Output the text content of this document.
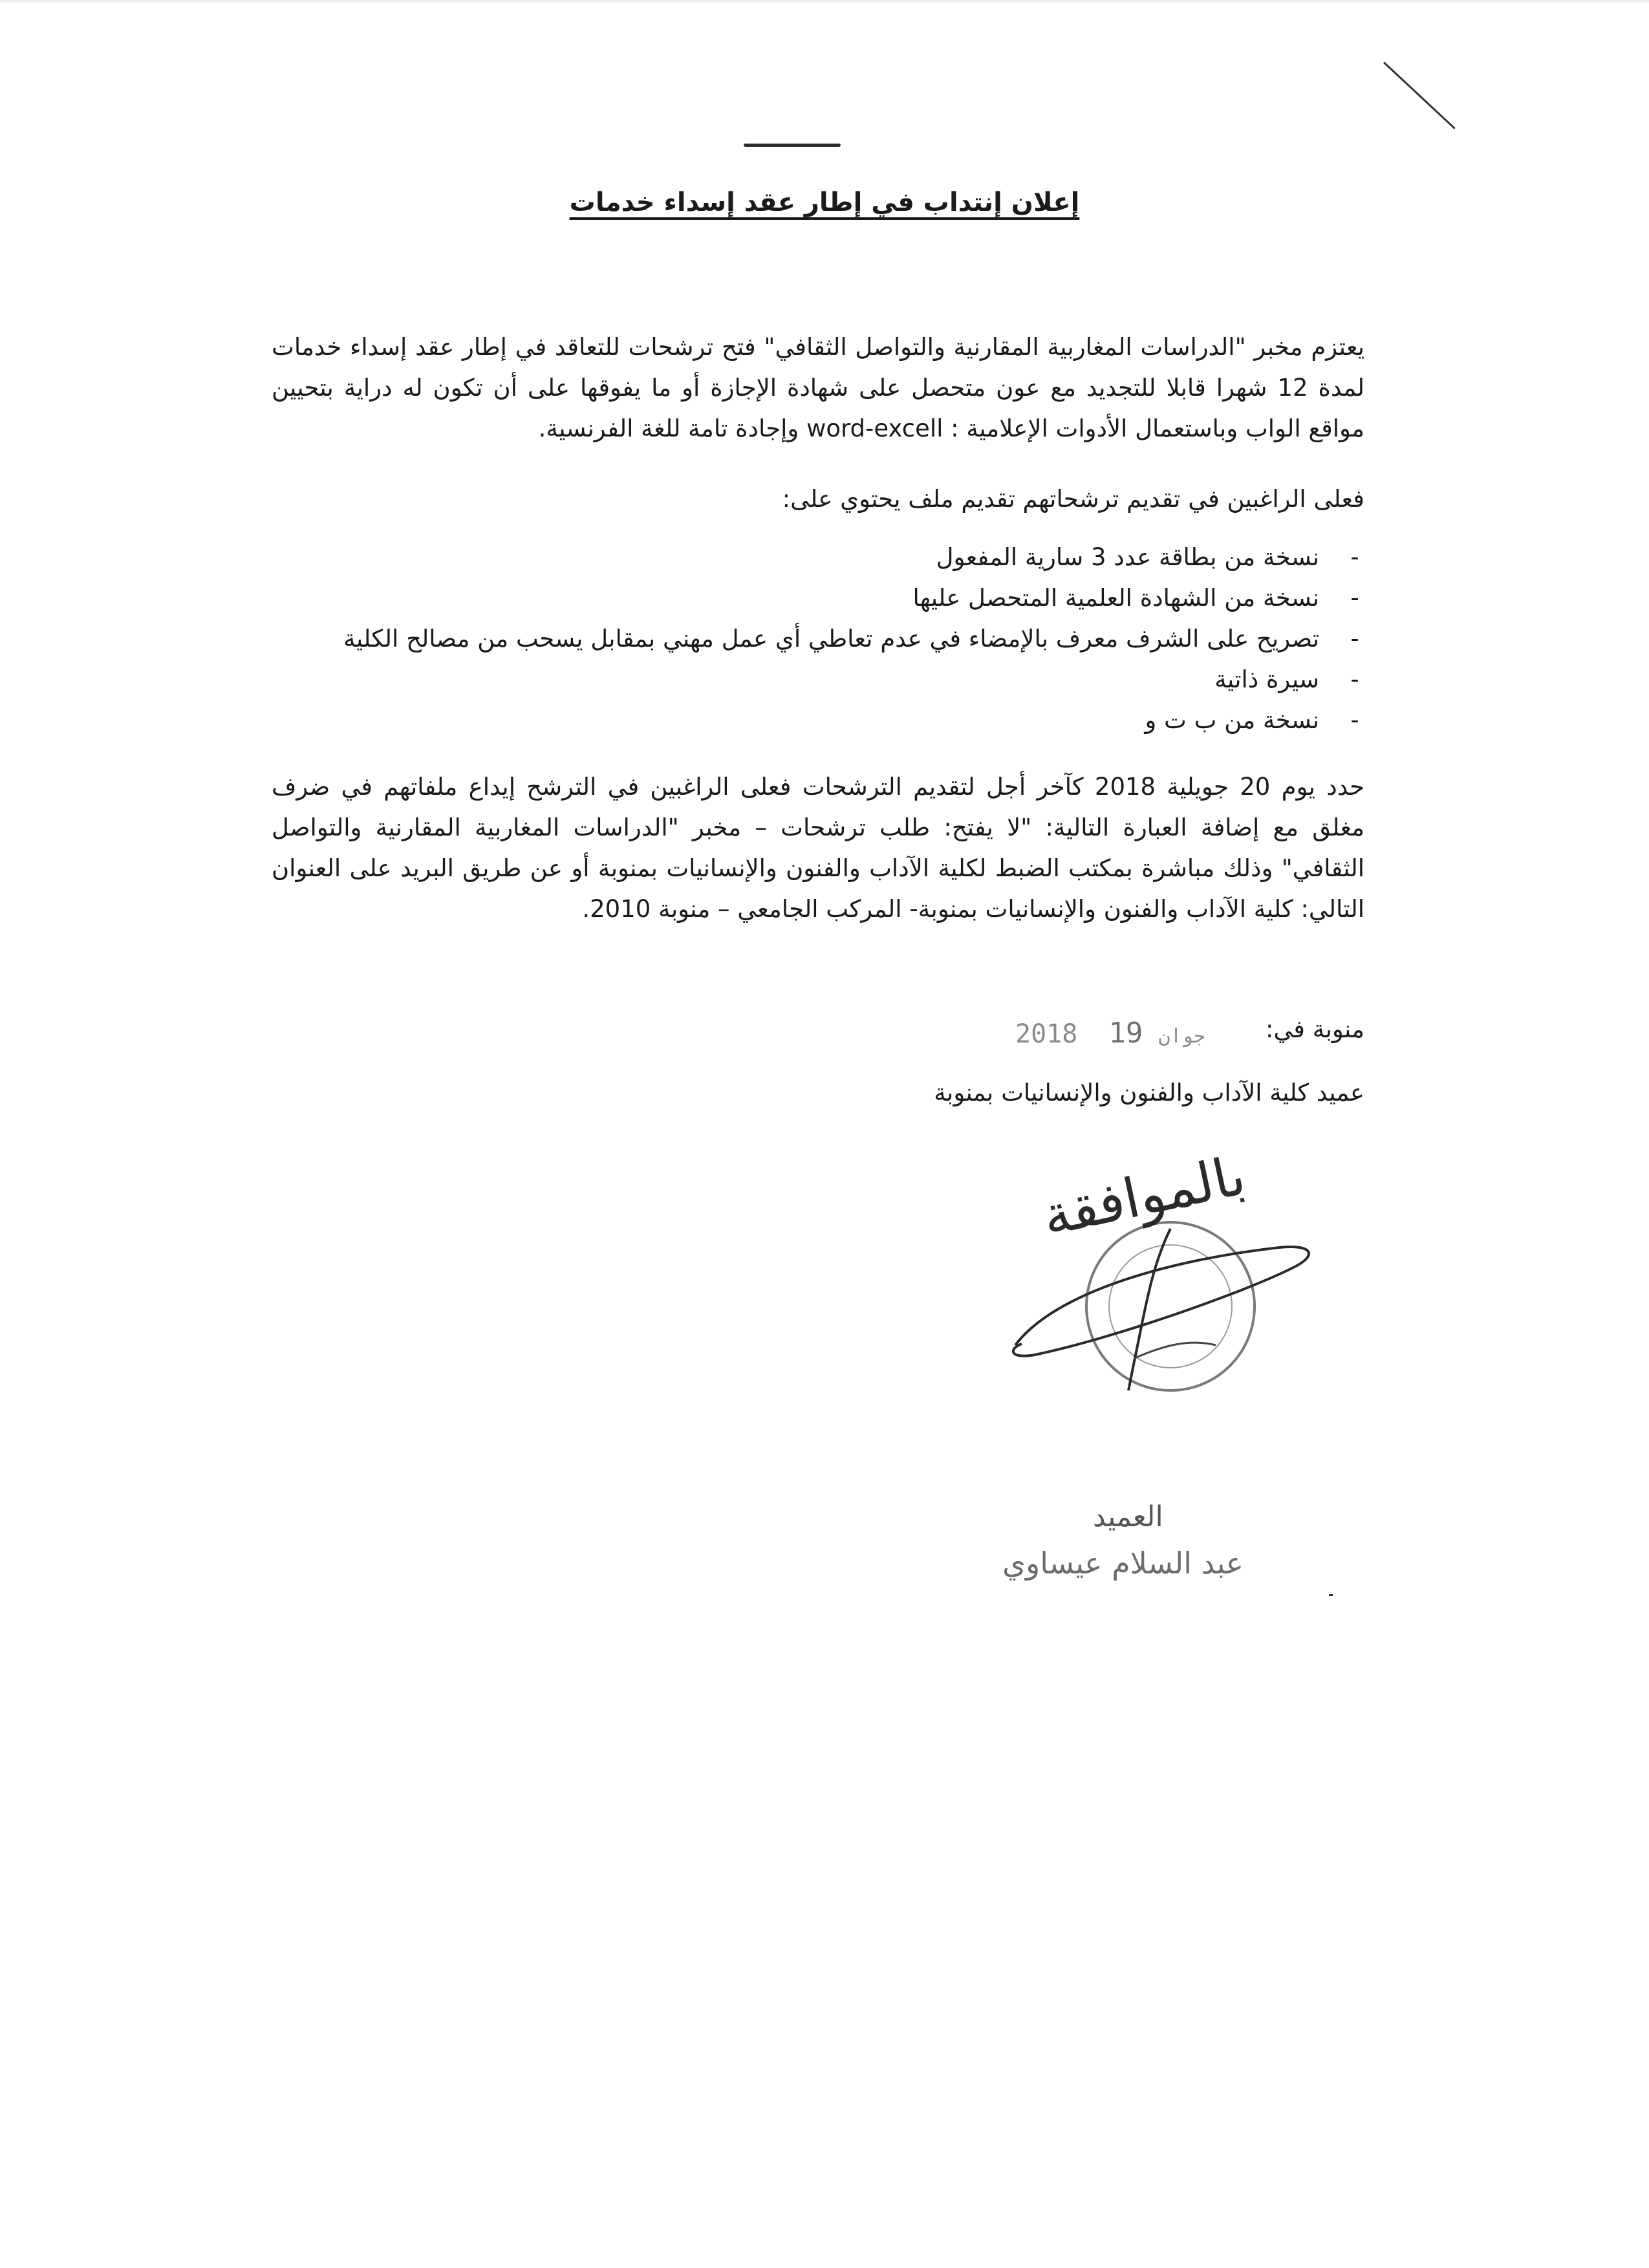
إعلان إنتداب في إطار عقد إسداء خدمات
يعتزم مخبر "الدراسات المغاربية المقارنية والتواصل الثقافي" فتح ترشحات للتعاقد في إطار عقد إسداء خدمات لمدة 12 شهرا قابلا للتجديد مع عون متحصل على شهادة الإجازة أو ما يفوقها على أن تكون له دراية بتحيين مواقع الواب وباستعمال الأدوات الإعلامية : word-excell وإجادة تامة للغة الفرنسية.
فعلى الراغبين في تقديم ترشحاتهم تقديم ملف يحتوي على:
-
نسخة من بطاقة عدد 3 سارية المفعول
-
نسخة من الشهادة العلمية المتحصل عليها
-
تصريح على الشرف معرف بالإمضاء في عدم تعاطي أي عمل مهني بمقابل يسحب من مصالح الكلية
-
سيرة ذاتية
-
نسخة من ب ت و
حدد يوم 20 جويلية 2018 كآخر أجل لتقديم الترشحات فعلى الراغبين في الترشح إيداع ملفاتهم في ضرف مغلق مع إضافة العبارة التالية: "لا يفتح: طلب ترشحات – مخبر "الدراسات المغاربية المقارنية والتواصل الثقافي" وذلك مباشرة بمكتب الضبط لكلية الآداب والفنون والإنسانيات بمنوبة أو عن طريق البريد على العنوان التالي: كلية الآداب والفنون والإنسانيات بمنوبة- المركب الجامعي – منوبة 2010.
منوبة في:
2018	جوان 19
عميد كلية الآداب والفنون والإنسانيات بمنوبة
بالموافقة
العميد
عبد السلام عيساوي
